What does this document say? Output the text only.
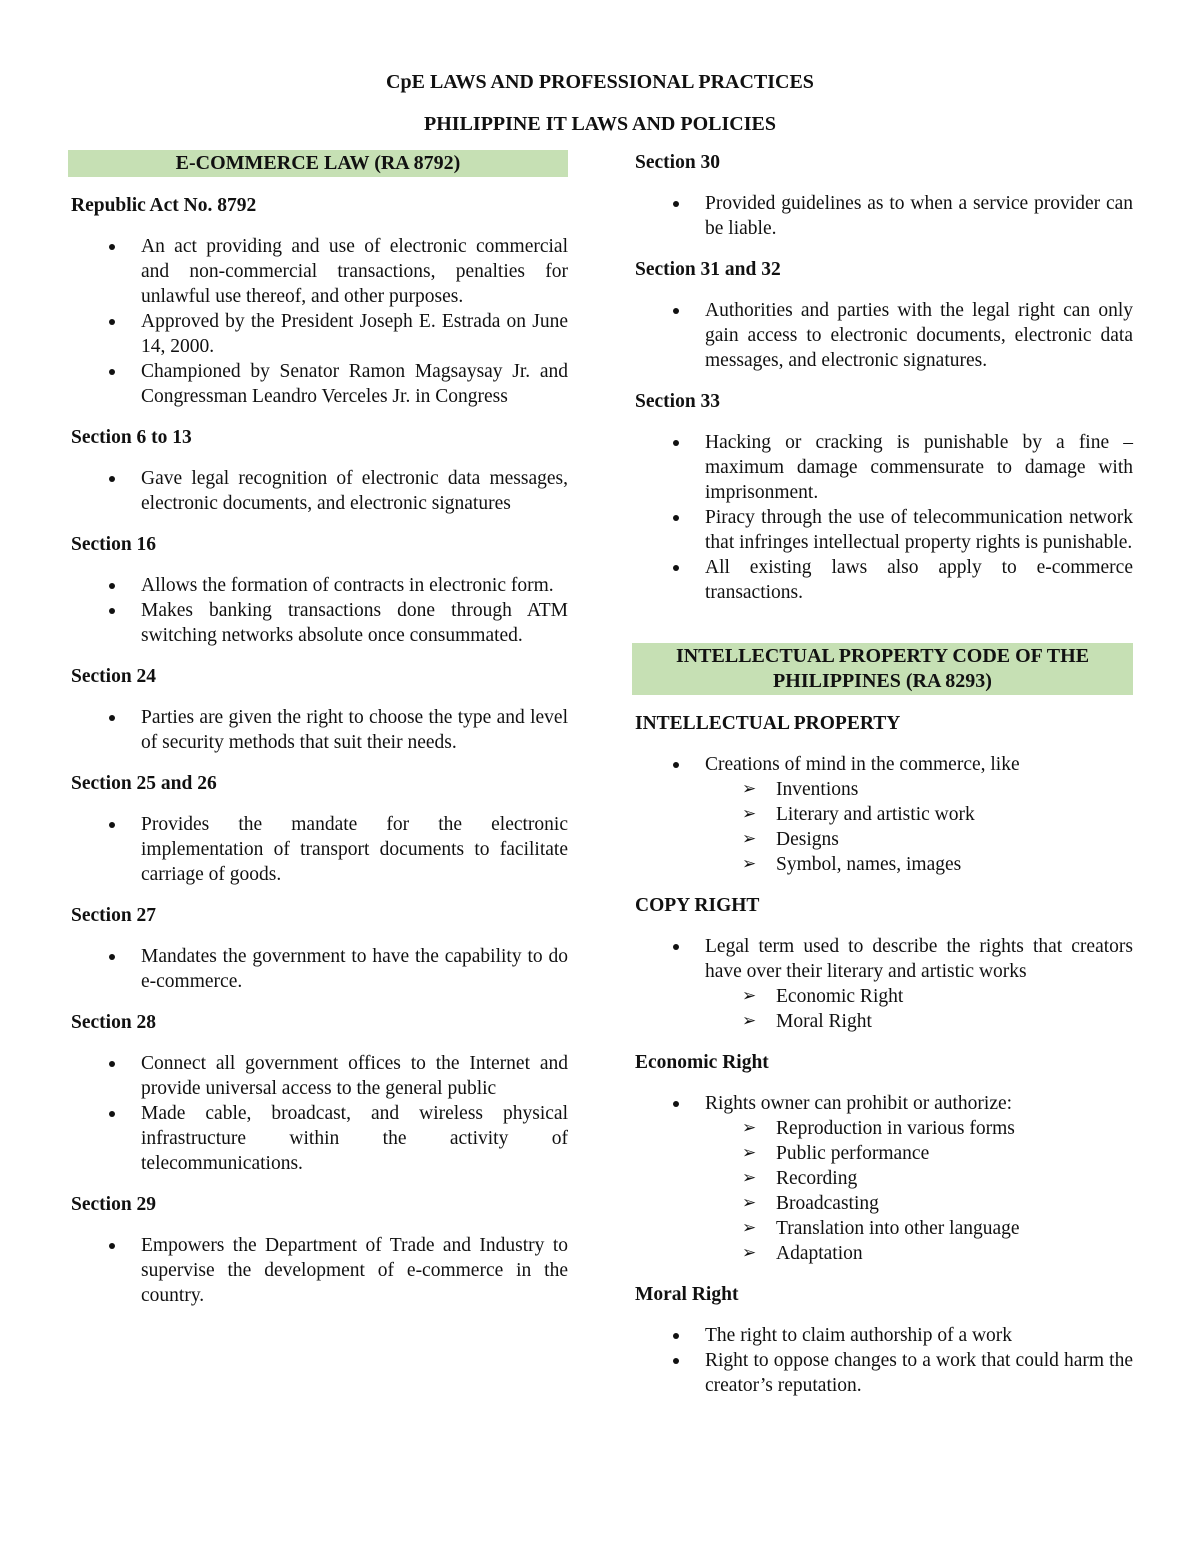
CpE LAWS AND PROFESSIONAL PRACTICES
PHILIPPINE IT LAWS AND POLICIES
E-COMMERCE LAW (RA 8792)
Republic Act No. 8792
An act providing and use of electronic commercial and non-commercial transactions, penalties for unlawful use thereof, and other purposes.
Approved by the President Joseph E. Estrada on June 14, 2000.
Championed by Senator Ramon Magsaysay Jr. and Congressman Leandro Verceles Jr. in Congress
Section 6 to 13
Gave legal recognition of electronic data messages, electronic documents, and electronic signatures
Section 16
Allows the formation of contracts in electronic form.
Makes banking transactions done through ATM switching networks absolute once consummated.
Section 24
Parties are given the right to choose the type and level of security methods that suit their needs.
Section 25 and 26
Provides the mandate for the electronic implementation of transport documents to facilitate carriage of goods.
Section 27
Mandates the government to have the capability to do e-commerce.
Section 28
Connect all government offices to the Internet and provide universal access to the general public
Made cable, broadcast, and wireless physical infrastructure within the activity of telecommunications.
Section 29
Empowers the Department of Trade and Industry to supervise the development of e-commerce in the country.
Section 30
Provided guidelines as to when a service provider can be liable.
Section 31 and 32
Authorities and parties with the legal right can only gain access to electronic documents, electronic data messages, and electronic signatures.
Section 33
Hacking or cracking is punishable by a fine – maximum damage commensurate to damage with imprisonment.
Piracy through the use of telecommunication network that infringes intellectual property rights is punishable.
All existing laws also apply to e-commerce transactions.
INTELLECTUAL PROPERTY CODE OF THE PHILIPPINES (RA 8293)
INTELLECTUAL PROPERTY
Creations of mind in the commerce, like
➢ Inventions
➢ Literary and artistic work
➢ Designs
➢ Symbol, names, images
COPY RIGHT
Legal term used to describe the rights that creators have over their literary and artistic works
➢ Economic Right
➢ Moral Right
Economic Right
Rights owner can prohibit or authorize:
➢ Reproduction in various forms
➢ Public performance
➢ Recording
➢ Broadcasting
➢ Translation into other language
➢ Adaptation
Moral Right
The right to claim authorship of a work
Right to oppose changes to a work that could harm the creator’s reputation.
